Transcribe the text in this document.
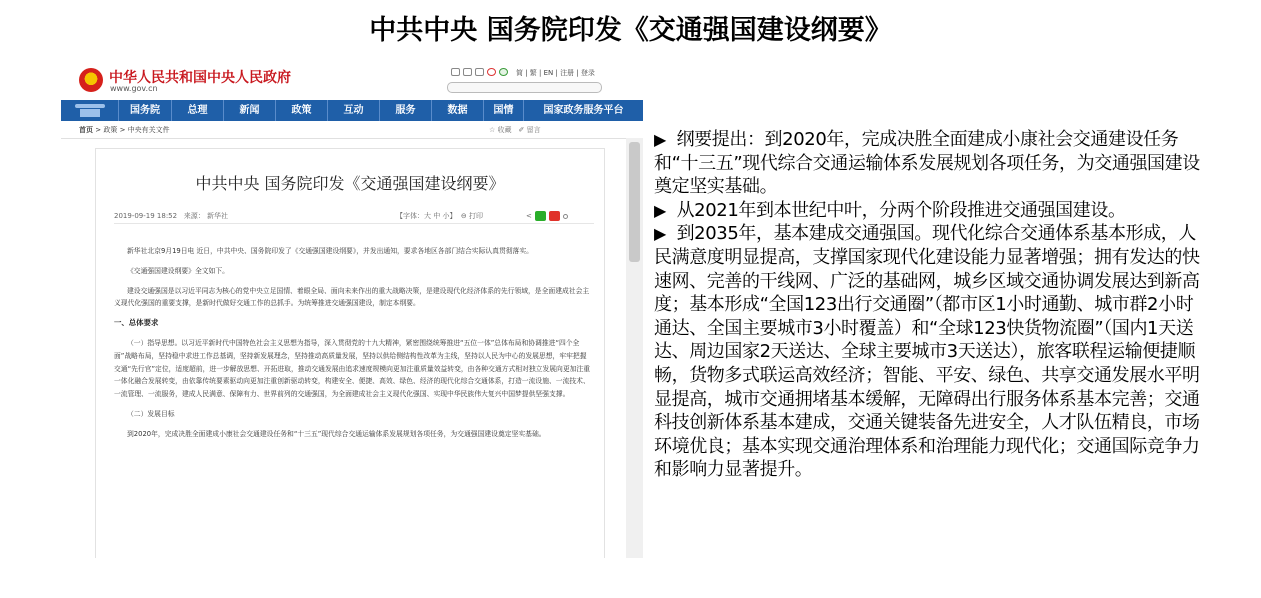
中共中央 国务院印发《交通强国建设纲要》
中华人民共和国中央人民政府
www.gov.cn
简 | 繁 | EN | 注册 | 登录
国务院	总理	新闻	政策	互动	服务	数据	国情	国家政务服务平台
首页 > 政策 > 中央有关文件	☆ 收藏　✐ 留言
中共中央 国务院印发《交通强国建设纲要》
2019-09-19 18:52 来源： 新华社	【字体：大 中 小】 ⊖ 打印	<

新华社北京9月19日电 近日，中共中央、国务院印发了《交通强国建设纲要》，并发出通知，要求各地区各部门结合实际认真贯彻落实。

《交通强国建设纲要》全文如下。

建设交通强国是以习近平同志为核心的党中央立足国情、着眼全局、面向未来作出的重大战略决策，是建设现代化经济体系的先行领域，是全面建成社会主义现代化强国的重要支撑，是新时代做好交通工作的总抓手。为统筹推进交通强国建设，制定本纲要。

一、总体要求

（一）指导思想。以习近平新时代中国特色社会主义思想为指导，深入贯彻党的十九大精神，紧密围绕统筹推进“五位一体”总体布局和协调推进“四个全面”战略布局，坚持稳中求进工作总基调，坚持新发展理念，坚持推动高质量发展，坚持以供给侧结构性改革为主线，坚持以人民为中心的发展思想，牢牢把握交通“先行官”定位，适度超前，进一步解放思想、开拓进取，推动交通发展由追求速度规模向更加注重质量效益转变，由各种交通方式相对独立发展向更加注重一体化融合发展转变，由依靠传统要素驱动向更加注重创新驱动转变，构建安全、便捷、高效、绿色、经济的现代化综合交通体系，打造一流设施、一流技术、一流管理、一流服务，建成人民满意、保障有力、世界前列的交通强国，为全面建成社会主义现代化强国、实现中华民族伟大复兴中国梦提供坚强支撑。

（二）发展目标

到2020年，完成决胜全面建成小康社会交通建设任务和“十三五”现代综合交通运输体系发展规划各项任务，为交通强国建设奠定坚实基础。

▶ 纲要提出：到2020年，完成决胜全面建成小康社会交通建设任务和“十三五”现代综合交通运输体系发展规划各项任务，为交通强国建设奠定坚实基础。

▶ 从2021年到本世纪中叶，分两个阶段推进交通强国建设。

▶ 到2035年，基本建成交通强国。现代化综合交通体系基本形成，人民满意度明显提高，支撑国家现代化建设能力显著增强；拥有发达的快速网、完善的干线网、广泛的基础网，城乡区域交通协调发展达到新高度；基本形成“全国123出行交通圈”（都市区1小时通勤、城市群2小时通达、全国主要城市3小时覆盖）和“全球123快货物流圈”（国内1天送达、周边国家2天送达、全球主要城市3天送达），旅客联程运输便捷顺畅，货物多式联运高效经济；智能、平安、绿色、共享交通发展水平明显提高，城市交通拥堵基本缓解，无障碍出行服务体系基本完善；交通科技创新体系基本建成，交通关键装备先进安全，人才队伍精良，市场环境优良；基本实现交通治理体系和治理能力现代化；交通国际竞争力和影响力显著提升。
